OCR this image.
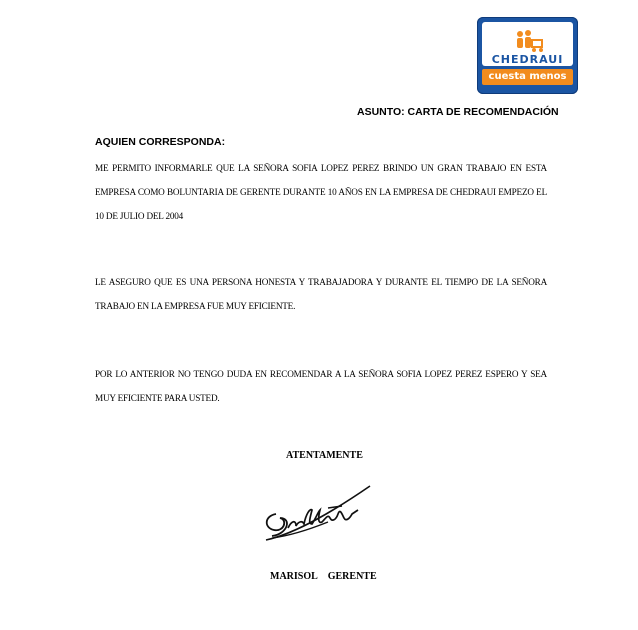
CHEDRAUI
cuesta menos
ASUNTO: CARTA DE RECOMENDACIÓN
AQUIEN CORRESPONDA:
ME PERMITO INFORMARLE QUE LA SEÑORA SOFIA LOPEZ PEREZ BRINDO UN GRAN TRABAJO EN ESTA EMPRESA COMO BOLUNTARIA DE GERENTE DURANTE 10 AÑOS EN LA EMPRESA DE CHEDRAUI EMPEZO EL 10 DE JULIO DEL 2004
LE ASEGURO QUE ES UNA PERSONA HONESTA Y TRABAJADORA Y DURANTE EL TIEMPO DE LA SEÑORA TRABAJO EN LA EMPRESA FUE MUY EFICIENTE.
POR LO ANTERIOR NO TENGO DUDA EN RECOMENDAR A LA SEÑORA SOFIA LOPEZ PEREZ ESPERO Y SEA MUY EFICIENTE PARA USTED.
ATENTAMENTE
MARISOL GERENTE
